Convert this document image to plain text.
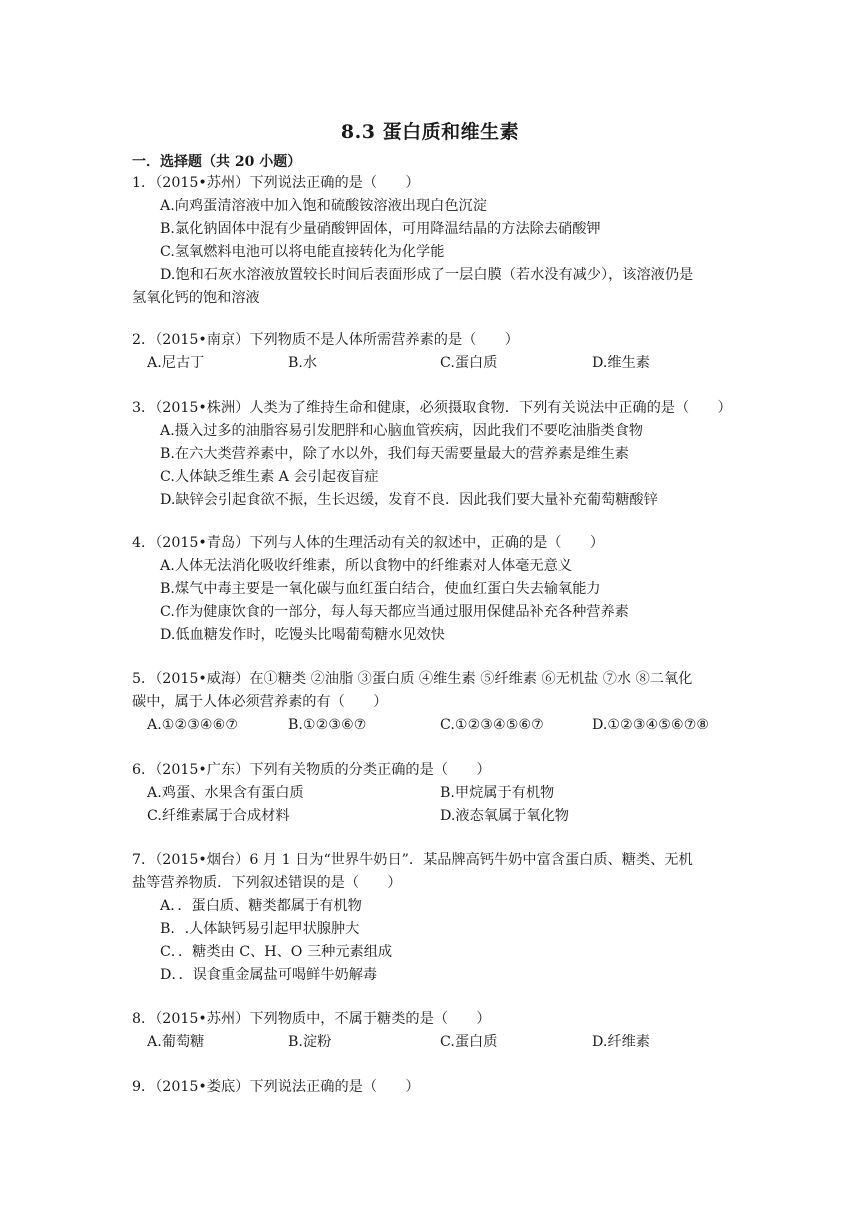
8.3 蛋白质和维生素
一．选择题（共 20 小题）
1．（2015•苏州）下列说法正确的是（　　）
A.向鸡蛋清溶液中加入饱和硫酸铵溶液出现白色沉淀
B.氯化钠固体中混有少量硝酸钾固体，可用降温结晶的方法除去硝酸钾
C.氢氧燃料电池可以将电能直接转化为化学能
D.饱和石灰水溶液放置较长时间后表面形成了一层白膜（若水没有减少），该溶液仍是
氢氧化钙的饱和溶液
2．（2015•南京）下列物质不是人体所需营养素的是（　　）
A.尼古丁	B.水	C.蛋白质	D.维生素
3．（2015•株洲）人类为了维持生命和健康，必须摄取食物．下列有关说法中正确的是（　　）
A.摄入过多的油脂容易引发肥胖和心脑血管疾病，因此我们不要吃油脂类食物
B.在六大类营养素中，除了水以外，我们每天需要量最大的营养素是维生素
C.人体缺乏维生素 A 会引起夜盲症
D.缺锌会引起食欲不振，生长迟缓，发育不良．因此我们要大量补充葡萄糖酸锌
4．（2015•青岛）下列与人体的生理活动有关的叙述中，正确的是（　　）
A.人体无法消化吸收纤维素，所以食物中的纤维素对人体毫无意义
B.煤气中毒主要是一氧化碳与血红蛋白结合，使血红蛋白失去输氧能力
C.作为健康饮食的一部分，每人每天都应当通过服用保健品补充各种营养素
D.低血糖发作时，吃馒头比喝葡萄糖水见效快
5．（2015•威海）在①糖类 ②油脂 ③蛋白质 ④维生素 ⑤纤维素 ⑥无机盐 ⑦水 ⑧二氧化
碳中，属于人体必须营养素的有（　　）
A.①②③④⑥⑦	B.①②③⑥⑦	C.①②③④⑤⑥⑦	D.①②③④⑤⑥⑦⑧
6．（2015•广东）下列有关物质的分类正确的是（　　）
A.鸡蛋、水果含有蛋白质	B.甲烷属于有机物
C.纤维素属于合成材料	D.液态氧属于氧化物
7．（2015•烟台）6 月 1 日为“世界牛奶日”．某品牌高钙牛奶中富含蛋白质、糖类、无机
盐等营养物质．下列叙述错误的是（　　）
A．．蛋白质、糖类都属于有机物
B．.人体缺钙易引起甲状腺肿大
C．．糖类由 C、H、O 三种元素组成
D．．误食重金属盐可喝鲜牛奶解毒
8．（2015•苏州）下列物质中，不属于糖类的是（　　）
A.葡萄糖	B.淀粉	C.蛋白质	D.纤维素
9．（2015•娄底）下列说法正确的是（　　）
